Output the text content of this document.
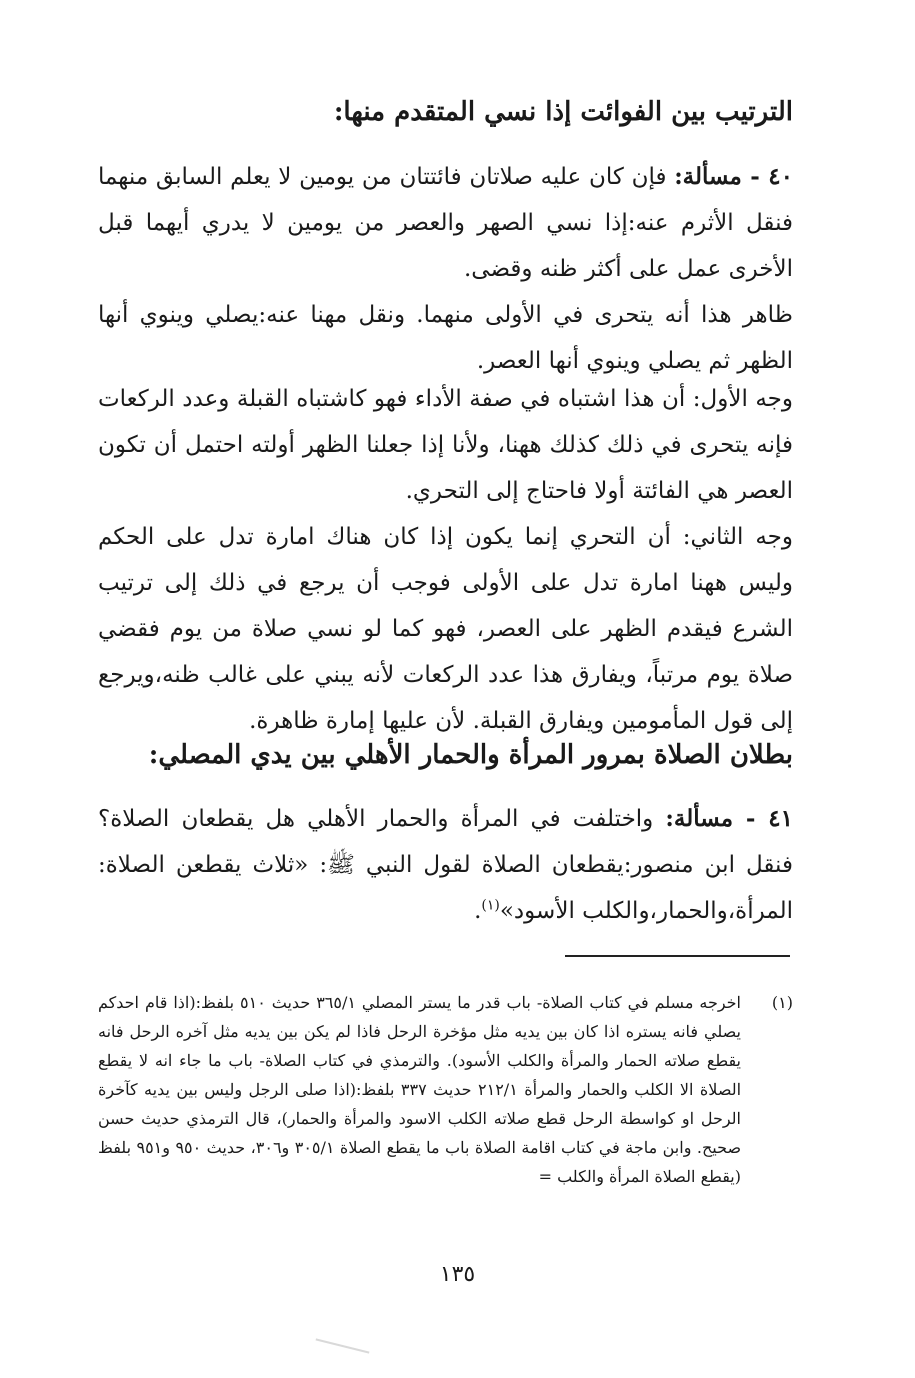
الترتيب بين الفوائت إذا نسي المتقدم منها:
٤٠ - مسألة: فإن كان عليه صلاتان فائتتان من يومين لا يعلم السابق منهما فنقل الأثرم عنه:إذا نسي الصهر والعصر من يومين لا يدري أيهما قبل الأخرى عمل على أكثر ظنه وقضى.
ظاهر هذا أنه يتحرى في الأولى منهما. ونقل مهنا عنه:يصلي وينوي أنها الظهر ثم يصلي وينوي أنها العصر.
وجه الأول: أن هذا اشتباه في صفة الأداء فهو كاشتباه القبلة وعدد الركعات فإنه يتحرى في ذلك كذلك ههنا، ولأنا إذا جعلنا الظهر أولته احتمل أن تكون العصر هي الفائتة أولا فاحتاج إلى التحري.
وجه الثاني: أن التحري إنما يكون إذا كان هناك امارة تدل على الحكم وليس ههنا امارة تدل على الأولى فوجب أن يرجع في ذلك إلى ترتيب الشرع فيقدم الظهر على العصر، فهو كما لو نسي صلاة من يوم فقضي صلاة يوم مرتباً، ويفارق هذا عدد الركعات لأنه يبني على غالب ظنه،ويرجع إلى قول المأمومين ويفارق القبلة. لأن عليها إمارة ظاهرة.
بطلان الصلاة بمرور المرأة والحمار الأهلي بين يدي المصلي:
٤١ - مسألة: واختلفت في المرأة والحمار الأهلي هل يقطعان الصلاة؟ فنقل ابن منصور:يقطعان الصلاة لقول النبي ﷺ: «ثلاث يقطعن الصلاة: المرأة،والحمار،والكلب الأسود»$^{(١)}$.
(١)
اخرجه مسلم في كتاب الصلاة- باب قدر ما يستر المصلي ٣٦٥/١ حديث ٥١٠ بلفظ:(اذا قام احدكم يصلي فانه يستره اذا كان بين يديه مثل مؤخرة الرحل فاذا لم يكن بين يديه مثل آخره الرحل فانه يقطع صلاته الحمار والمرأة والكلب الأسود). والترمذي في كتاب الصلاة- باب ما جاء انه لا يقطع الصلاة الا الكلب والحمار والمرأة ٢١٢/١ حديث ٣٣٧ بلفظ:(اذا صلى الرجل وليس بين يديه كآخرة الرحل او كواسطة الرحل قطع صلاته الكلب الاسود والمرأة والحمار)، قال الترمذي حديث حسن صحيح. وابن ماجة في كتاب اقامة الصلاة باب ما يقطع الصلاة ٣٠٥/١ و٣٠٦، حديث ٩٥٠ و٩٥١ بلفظ (يقطع الصلاة المرأة والكلب =
١٣٥
